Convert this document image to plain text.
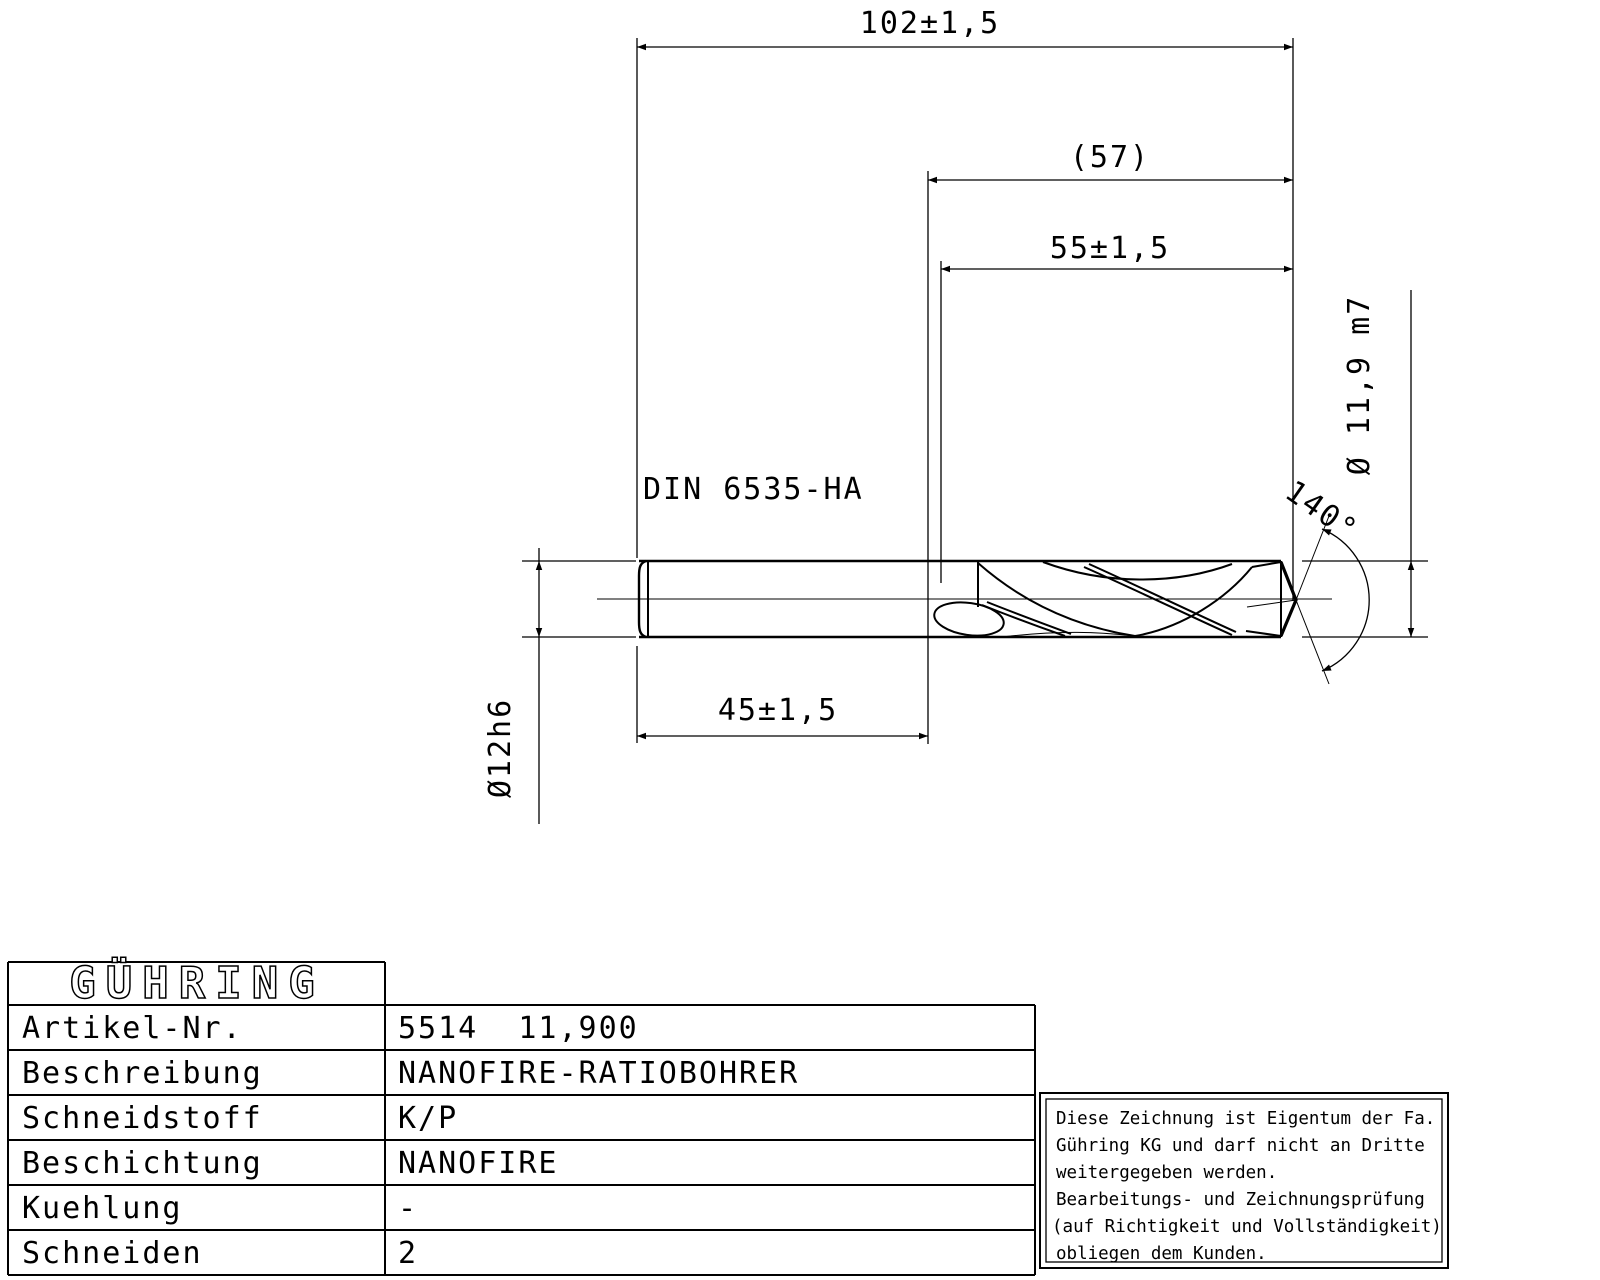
102±1,5
(57)
55±1,5
45±1,5
DIN 6535-HA
Ø 11,9 m7
Ø12h6
140°
GÜHRING
Artikel-Nr.	5514  11,900
Beschreibung	NANOFIRE-RATIOBOHRER
Schneidstoff	K/P
Beschichtung	NANOFIRE
Kuehlung	-
Schneiden	2
Diese Zeichnung ist Eigentum der Fa.
Gühring KG und darf nicht an Dritte
weitergegeben werden.
Bearbeitungs- und Zeichnungsprüfung
(auf Richtigkeit und Vollständigkeit)
obliegen dem Kunden.
